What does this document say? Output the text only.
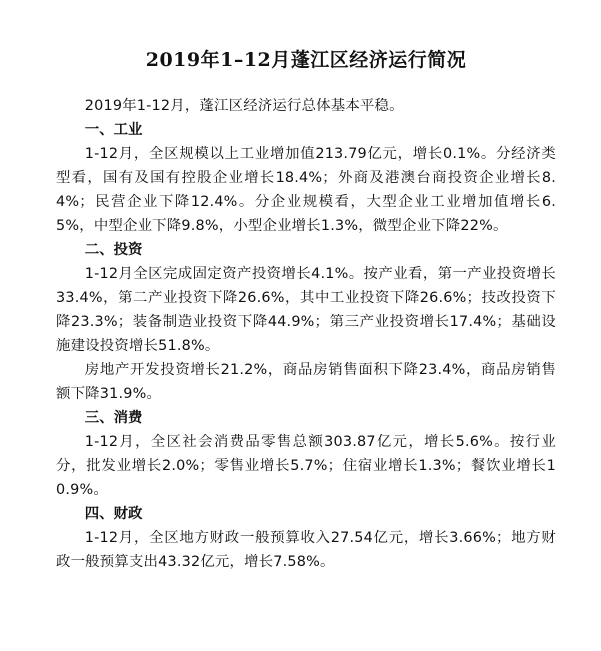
2019年1–12月蓬江区经济运行简况

2019年1-12月，蓬江区经济运行总体基本平稳。

一、工业

1-12月，全区规模以上工业增加值213.79亿元，增长0.1%。分经济类型看，国有及国有控股企业增长18.4%；外商及港澳台商投资企业增长8.4%；民营企业下降12.4%。分企业规模看，大型企业工业增加值增长6.5%，中型企业下降9.8%，小型企业增长1.3%，微型企业下降22%。

二、投资

1-12月全区完成固定资产投资增长4.1%。按产业看，第一产业投资增长33.4%，第二产业投资下降26.6%，其中工业投资下降26.6%；技改投资下降23.3%；装备制造业投资下降44.9%；第三产业投资增长17.4%；基础设施建设投资增长51.8%。

房地产开发投资增长21.2%，商品房销售面积下降23.4%，商品房销售额下降31.9%。

三、消费

1-12月，全区社会消费品零售总额303.87亿元，增长5.6%。按行业分，批发业增长2.0%；零售业增长5.7%；住宿业增长1.3%；餐饮业增长10.9%。

四、财政

1-12月，全区地方财政一般预算收入27.54亿元，增长3.66%；地方财政一般预算支出43.32亿元，增长7.58%。
